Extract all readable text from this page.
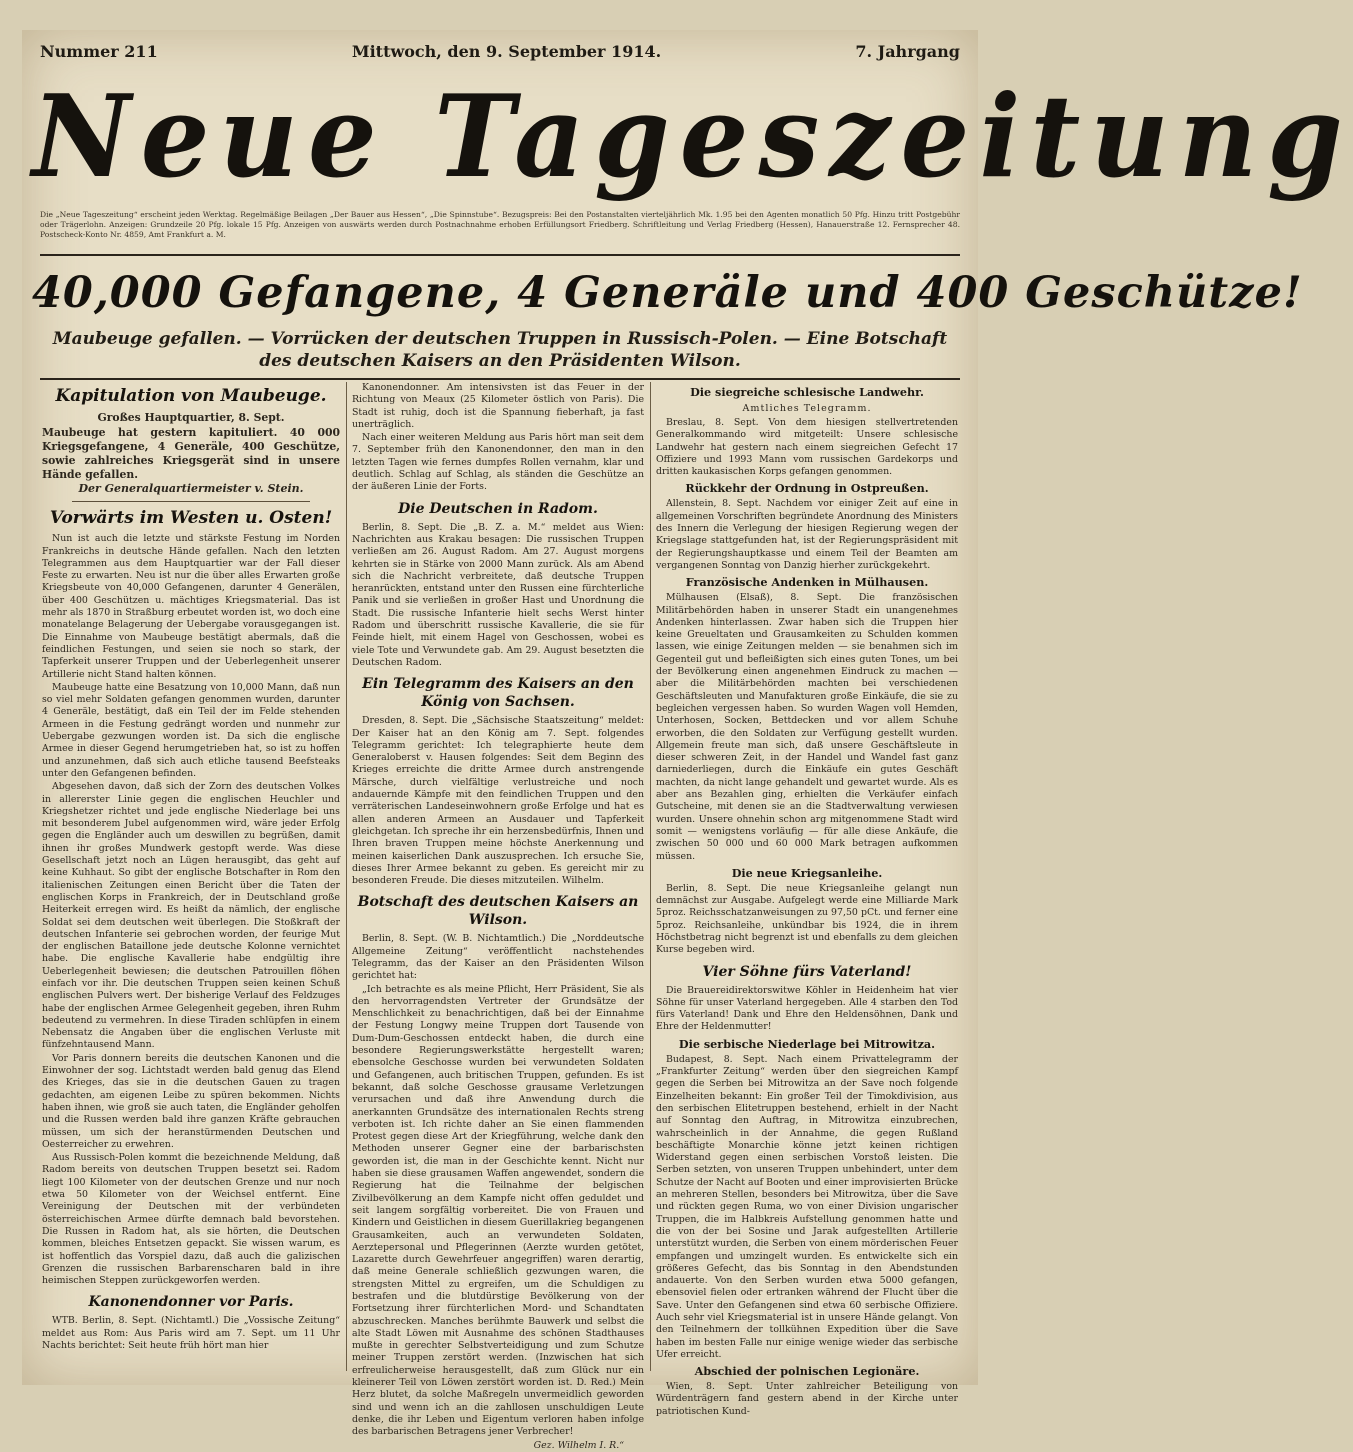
Nummer 211	Mittwoch, den 9. September 1914.	7. Jahrgang
Neue Tageszeitung
Die „Neue Tageszeitung“ erscheint jeden Werktag. Regelmäßige Beilagen „Der Bauer aus Hessen“, „Die Spinnstube“. Bezugspreis: Bei den Postanstalten vierteljährlich Mk. 1.95 bei den Agenten monatlich 50 Pfg. Hinzu tritt Postgebühr oder Trägerlohn. Anzeigen: Grundzeile 20 Pfg. lokale 15 Pfg. Anzeigen von auswärts werden durch Postnachnahme erhoben Erfüllungsort Friedberg. Schriftleitung und Verlag Friedberg (Hessen), Hanauerstraße 12. Fernsprecher 48. Postscheck-Konto Nr. 4859, Amt Frankfurt a. M.
40,000 Gefangene, 4 Generäle und 400 Geschütze!
Maubeuge gefallen. — Vorrücken der deutschen Truppen in Russisch-Polen. — Eine Botschaft des deutschen Kaisers an den Präsidenten Wilson.
Kapitulation von Maubeuge.

Großes Hauptquartier, 8. Sept.

Maubeuge hat gestern kapituliert. 40 000 Kriegsgefangene, 4 Generäle, 400 Geschütze, sowie zahlreiches Kriegsgerät sind in unsere Hände gefallen.

Der Generalquartiermeister v. Stein.

Vorwärts im Westen u. Osten!

Nun ist auch die letzte und stärkste Festung im Norden Frankreichs in deutsche Hände gefallen. Nach den letzten Telegrammen aus dem Hauptquartier war der Fall dieser Feste zu erwarten. Neu ist nur die über alles Erwarten große Kriegsbeute von 40,000 Gefangenen, darunter 4 Generälen, über 400 Geschützen u. mächtiges Kriegsmaterial. Das ist mehr als 1870 in Straßburg erbeutet worden ist, wo doch eine monatelange Belagerung der Uebergabe vorausgegangen ist. Die Einnahme von Maubeuge bestätigt abermals, daß die feindlichen Festungen, und seien sie noch so stark, der Tapferkeit unserer Truppen und der Ueberlegenheit unserer Artillerie nicht Stand halten können.

Maubeuge hatte eine Besatzung von 10,000 Mann, daß nun so viel mehr Soldaten gefangen genommen wurden, darunter 4 Generäle, bestätigt, daß ein Teil der im Felde stehenden Armeen in die Festung gedrängt worden und nunmehr zur Uebergabe gezwungen worden ist. Da sich die englische Armee in dieser Gegend herumgetrieben hat, so ist zu hoffen und anzunehmen, daß sich auch etliche tausend Beefsteaks unter den Gefangenen befinden.

Abgesehen davon, daß sich der Zorn des deutschen Volkes in allererster Linie gegen die englischen Heuchler und Kriegshetzer richtet und jede englische Niederlage bei uns mit besonderem Jubel aufgenommen wird, wäre jeder Erfolg gegen die Engländer auch um deswillen zu begrüßen, damit ihnen ihr großes Mundwerk gestopft werde. Was diese Gesellschaft jetzt noch an Lügen herausgibt, das geht auf keine Kuhhaut. So gibt der englische Botschafter in Rom den italienischen Zeitungen einen Bericht über die Taten der englischen Korps in Frankreich, der in Deutschland große Heiterkeit erregen wird. Es heißt da nämlich, der englische Soldat sei dem deutschen weit überlegen. Die Stoßkraft der deutschen Infanterie sei gebrochen worden, der feurige Mut der englischen Bataillone jede deutsche Kolonne vernichtet habe. Die englische Kavallerie habe endgültig ihre Ueberlegenheit bewiesen; die deutschen Patrouillen flöhen einfach vor ihr. Die deutschen Truppen seien keinen Schuß englischen Pulvers wert. Der bisherige Verlauf des Feldzuges habe der englischen Armee Gelegenheit gegeben, ihren Ruhm bedeutend zu vermehren. In diese Tiraden schlüpfen in einem Nebensatz die Angaben über die englischen Verluste mit fünfzehntausend Mann.

Vor Paris donnern bereits die deutschen Kanonen und die Einwohner der sog. Lichtstadt werden bald genug das Elend des Krieges, das sie in die deutschen Gauen zu tragen gedachten, am eigenen Leibe zu spüren bekommen. Nichts haben ihnen, wie groß sie auch taten, die Engländer geholfen und die Russen werden bald ihre ganzen Kräfte gebrauchen müssen, um sich der heranstürmenden Deutschen und Oesterreicher zu erwehren.

Aus Russisch-Polen kommt die bezeichnende Meldung, daß Radom bereits von deutschen Truppen besetzt sei. Radom liegt 100 Kilometer von der deutschen Grenze und nur noch etwa 50 Kilometer von der Weichsel entfernt. Eine Vereinigung der Deutschen mit der verbündeten österreichischen Armee dürfte demnach bald bevorstehen. Die Russen in Radom hat, als sie hörten, die Deutschen kommen, bleiches Entsetzen gepackt. Sie wissen warum, es ist hoffentlich das Vorspiel dazu, daß auch die galizischen Grenzen die russischen Barbarenscharen bald in ihre heimischen Steppen zurückgeworfen werden.

Kanonendonner vor Paris.

WTB. Berlin, 8. Sept. (Nichtamtl.) Die „Vossische Zeitung“ meldet aus Rom: Aus Paris wird am 7. Sept. um 11 Uhr Nachts berichtet: Seit heute früh hört man hier

Kanonendonner. Am intensivsten ist das Feuer in der Richtung von Meaux (25 Kilometer östlich von Paris). Die Stadt ist ruhig, doch ist die Spannung fieberhaft, ja fast unerträglich.

Nach einer weiteren Meldung aus Paris hört man seit dem 7. September früh den Kanonendonner, den man in den letzten Tagen wie fernes dumpfes Rollen vernahm, klar und deutlich. Schlag auf Schlag, als ständen die Geschütze an der äußeren Linie der Forts.

Die Deutschen in Radom.

Berlin, 8. Sept. Die „B. Z. a. M.“ meldet aus Wien: Nachrichten aus Krakau besagen: Die russischen Truppen verließen am 26. August Radom. Am 27. August morgens kehrten sie in Stärke von 2000 Mann zurück. Als am Abend sich die Nachricht verbreitete, daß deutsche Truppen heranrückten, entstand unter den Russen eine fürchterliche Panik und sie verließen in großer Hast und Unordnung die Stadt. Die russische Infanterie hielt sechs Werst hinter Radom und überschritt russische Kavallerie, die sie für Feinde hielt, mit einem Hagel von Geschossen, wobei es viele Tote und Verwundete gab. Am 29. August besetzten die Deutschen Radom.

Ein Telegramm des Kaisers an den König von Sachsen.

Dresden, 8. Sept. Die „Sächsische Staatszeitung“ meldet: Der Kaiser hat an den König am 7. Sept. folgendes Telegramm gerichtet: Ich telegraphierte heute dem Generaloberst v. Hausen folgendes: Seit dem Beginn des Krieges erreichte die dritte Armee durch anstrengende Märsche, durch vielfältige verlustreiche und noch andauernde Kämpfe mit den feindlichen Truppen und den verräterischen Landeseinwohnern große Erfolge und hat es allen anderen Armeen an Ausdauer und Tapferkeit gleichgetan. Ich spreche ihr ein herzensbedürfnis, Ihnen und Ihren braven Truppen meine höchste Anerkennung und meinen kaiserlichen Dank auszusprechen. Ich ersuche Sie, dieses Ihrer Armee bekannt zu geben. Es gereicht mir zu besonderen Freude. Die dieses mitzuteilen. Wilhelm.

Botschaft des deutschen Kaisers an Wilson.

Berlin, 8. Sept. (W. B. Nichtamtlich.) Die „Norddeutsche Allgemeine Zeitung“ veröffentlicht nachstehendes Telegramm, das der Kaiser an den Präsidenten Wilson gerichtet hat:

„Ich betrachte es als meine Pflicht, Herr Präsident, Sie als den hervorragendsten Vertreter der Grundsätze der Menschlichkeit zu benachrichtigen, daß bei der Einnahme der Festung Longwy meine Truppen dort Tausende von Dum-Dum-Geschossen entdeckt haben, die durch eine besondere Regierungswerkstätte hergestellt waren; ebensolche Geschosse wurden bei verwundeten Soldaten und Gefangenen, auch britischen Truppen, gefunden. Es ist bekannt, daß solche Geschosse grausame Verletzungen verursachen und daß ihre Anwendung durch die anerkannten Grundsätze des internationalen Rechts streng verboten ist. Ich richte daher an Sie einen flammenden Protest gegen diese Art der Kriegführung, welche dank den Methoden unserer Gegner eine der barbarischsten geworden ist, die man in der Geschichte kennt. Nicht nur haben sie diese grausamen Waffen angewendet, sondern die Regierung hat die Teilnahme der belgischen Zivilbevölkerung an dem Kampfe nicht offen geduldet und seit langem sorgfältig vorbereitet. Die von Frauen und Kindern und Geistlichen in diesem Guerillakrieg begangenen Grausamkeiten, auch an verwundeten Soldaten, Aerztepersonal und Pflegerinnen (Aerzte wurden getötet, Lazarette durch Gewehrfeuer angegriffen) waren derartig, daß meine Generale schließlich gezwungen waren, die strengsten Mittel zu ergreifen, um die Schuldigen zu bestrafen und die blutdürstige Bevölkerung von der Fortsetzung ihrer fürchterlichen Mord- und Schandtaten abzuschrecken. Manches berühmte Bauwerk und selbst die alte Stadt Löwen mit Ausnahme des schönen Stadthauses mußte in gerechter Selbstverteidigung und zum Schutze meiner Truppen zerstört werden. (Inzwischen hat sich erfreulicherweise herausgestellt, daß zum Glück nur ein kleinerer Teil von Löwen zerstört worden ist. D. Red.) Mein Herz blutet, da solche Maßregeln unvermeidlich geworden sind und wenn ich an die zahllosen unschuldigen Leute denke, die ihr Leben und Eigentum verloren haben infolge des barbarischen Betragens jener Verbrecher!

Gez. Wilhelm I. R.“

Die siegreiche schlesische Landwehr.

Amtliches Telegramm.

Breslau, 8. Sept. Von dem hiesigen stellvertretenden Generalkommando wird mitgeteilt: Unsere schlesische Landwehr hat gestern nach einem siegreichen Gefecht 17 Offiziere und 1993 Mann vom russischen Gardekorps und dritten kaukasischen Korps gefangen genommen.

Rückkehr der Ordnung in Ostpreußen.

Allenstein, 8. Sept. Nachdem vor einiger Zeit auf eine in allgemeinen Vorschriften begründete Anordnung des Ministers des Innern die Verlegung der hiesigen Regierung wegen der Kriegslage stattgefunden hat, ist der Regierungspräsident mit der Regierungshauptkasse und einem Teil der Beamten am vergangenen Sonntag von Danzig hierher zurückgekehrt.

Französische Andenken in Mülhausen.

Mülhausen (Elsaß), 8. Sept. Die französischen Militärbehörden haben in unserer Stadt ein unangenehmes Andenken hinterlassen. Zwar haben sich die Truppen hier keine Greueltaten und Grausamkeiten zu Schulden kommen lassen, wie einige Zeitungen melden — sie benahmen sich im Gegenteil gut und befleißigten sich eines guten Tones, um bei der Bevölkerung einen angenehmen Eindruck zu machen — aber die Militärbehörden machten bei verschiedenen Geschäftsleuten und Manufakturen große Einkäufe, die sie zu begleichen vergessen haben. So wurden Wagen voll Hemden, Unterhosen, Socken, Bettdecken und vor allem Schuhe erworben, die den Soldaten zur Verfügung gestellt wurden. Allgemein freute man sich, daß unsere Geschäftsleute in dieser schweren Zeit, in der Handel und Wandel fast ganz darniederliegen, durch die Einkäufe ein gutes Geschäft machten, da nicht lange gehandelt und gewartet wurde. Als es aber ans Bezahlen ging, erhielten die Verkäufer einfach Gutscheine, mit denen sie an die Stadtverwaltung verwiesen wurden. Unsere ohnehin schon arg mitgenommene Stadt wird somit — wenigstens vorläufig — für alle diese Ankäufe, die zwischen 50 000 und 60 000 Mark betragen aufkommen müssen.

Die neue Kriegsanleihe.

Berlin, 8. Sept. Die neue Kriegsanleihe gelangt nun demnächst zur Ausgabe. Aufgelegt werde eine Milliarde Mark 5proz. Reichsschatzanweisungen zu 97,50 pCt. und ferner eine 5proz. Reichsanleihe, unkündbar bis 1924, die in ihrem Höchstbetrag nicht begrenzt ist und ebenfalls zu dem gleichen Kurse begeben wird.

Vier Söhne fürs Vaterland!

Die Brauereidirektorswitwe Köhler in Heidenheim hat vier Söhne für unser Vaterland hergegeben. Alle 4 starben den Tod fürs Vaterland! Dank und Ehre den Heldensöhnen, Dank und Ehre der Heldenmutter!

Die serbische Niederlage bei Mitrowitza.

Budapest, 8. Sept. Nach einem Privattelegramm der „Frankfurter Zeitung“ werden über den siegreichen Kampf gegen die Serben bei Mitrowitza an der Save noch folgende Einzelheiten bekannt: Ein großer Teil der Timokdivision, aus den serbischen Elitetruppen bestehend, erhielt in der Nacht auf Sonntag den Auftrag, in Mitrowitza einzubrechen, wahrscheinlich in der Annahme, die gegen Rußland beschäftigte Monarchie könne jetzt keinen richtigen Widerstand gegen einen serbischen Vorstoß leisten. Die Serben setzten, von unseren Truppen unbehindert, unter dem Schutze der Nacht auf Booten und einer improvisierten Brücke an mehreren Stellen, besonders bei Mitrowitza, über die Save und rückten gegen Ruma, wo von einer Division ungarischer Truppen, die im Halbkreis Aufstellung genommen hatte und die von der bei Sosine und Jarak aufgestellten Artillerie unterstützt wurden, die Serben von einem mörderischen Feuer empfangen und umzingelt wurden. Es entwickelte sich ein größeres Gefecht, das bis Sonntag in den Abendstunden andauerte. Von den Serben wurden etwa 5000 gefangen, ebensoviel fielen oder ertranken während der Flucht über die Save. Unter den Gefangenen sind etwa 60 serbische Offiziere. Auch sehr viel Kriegsmaterial ist in unsere Hände gelangt. Von den Teilnehmern der tollkühnen Expedition über die Save haben im besten Falle nur einige wenige wieder das serbische Ufer erreicht.

Abschied der polnischen Legionäre.

Wien, 8. Sept. Unter zahlreicher Beteiligung von Würdenträgern fand gestern abend in der Kirche unter patriotischen Kund-
